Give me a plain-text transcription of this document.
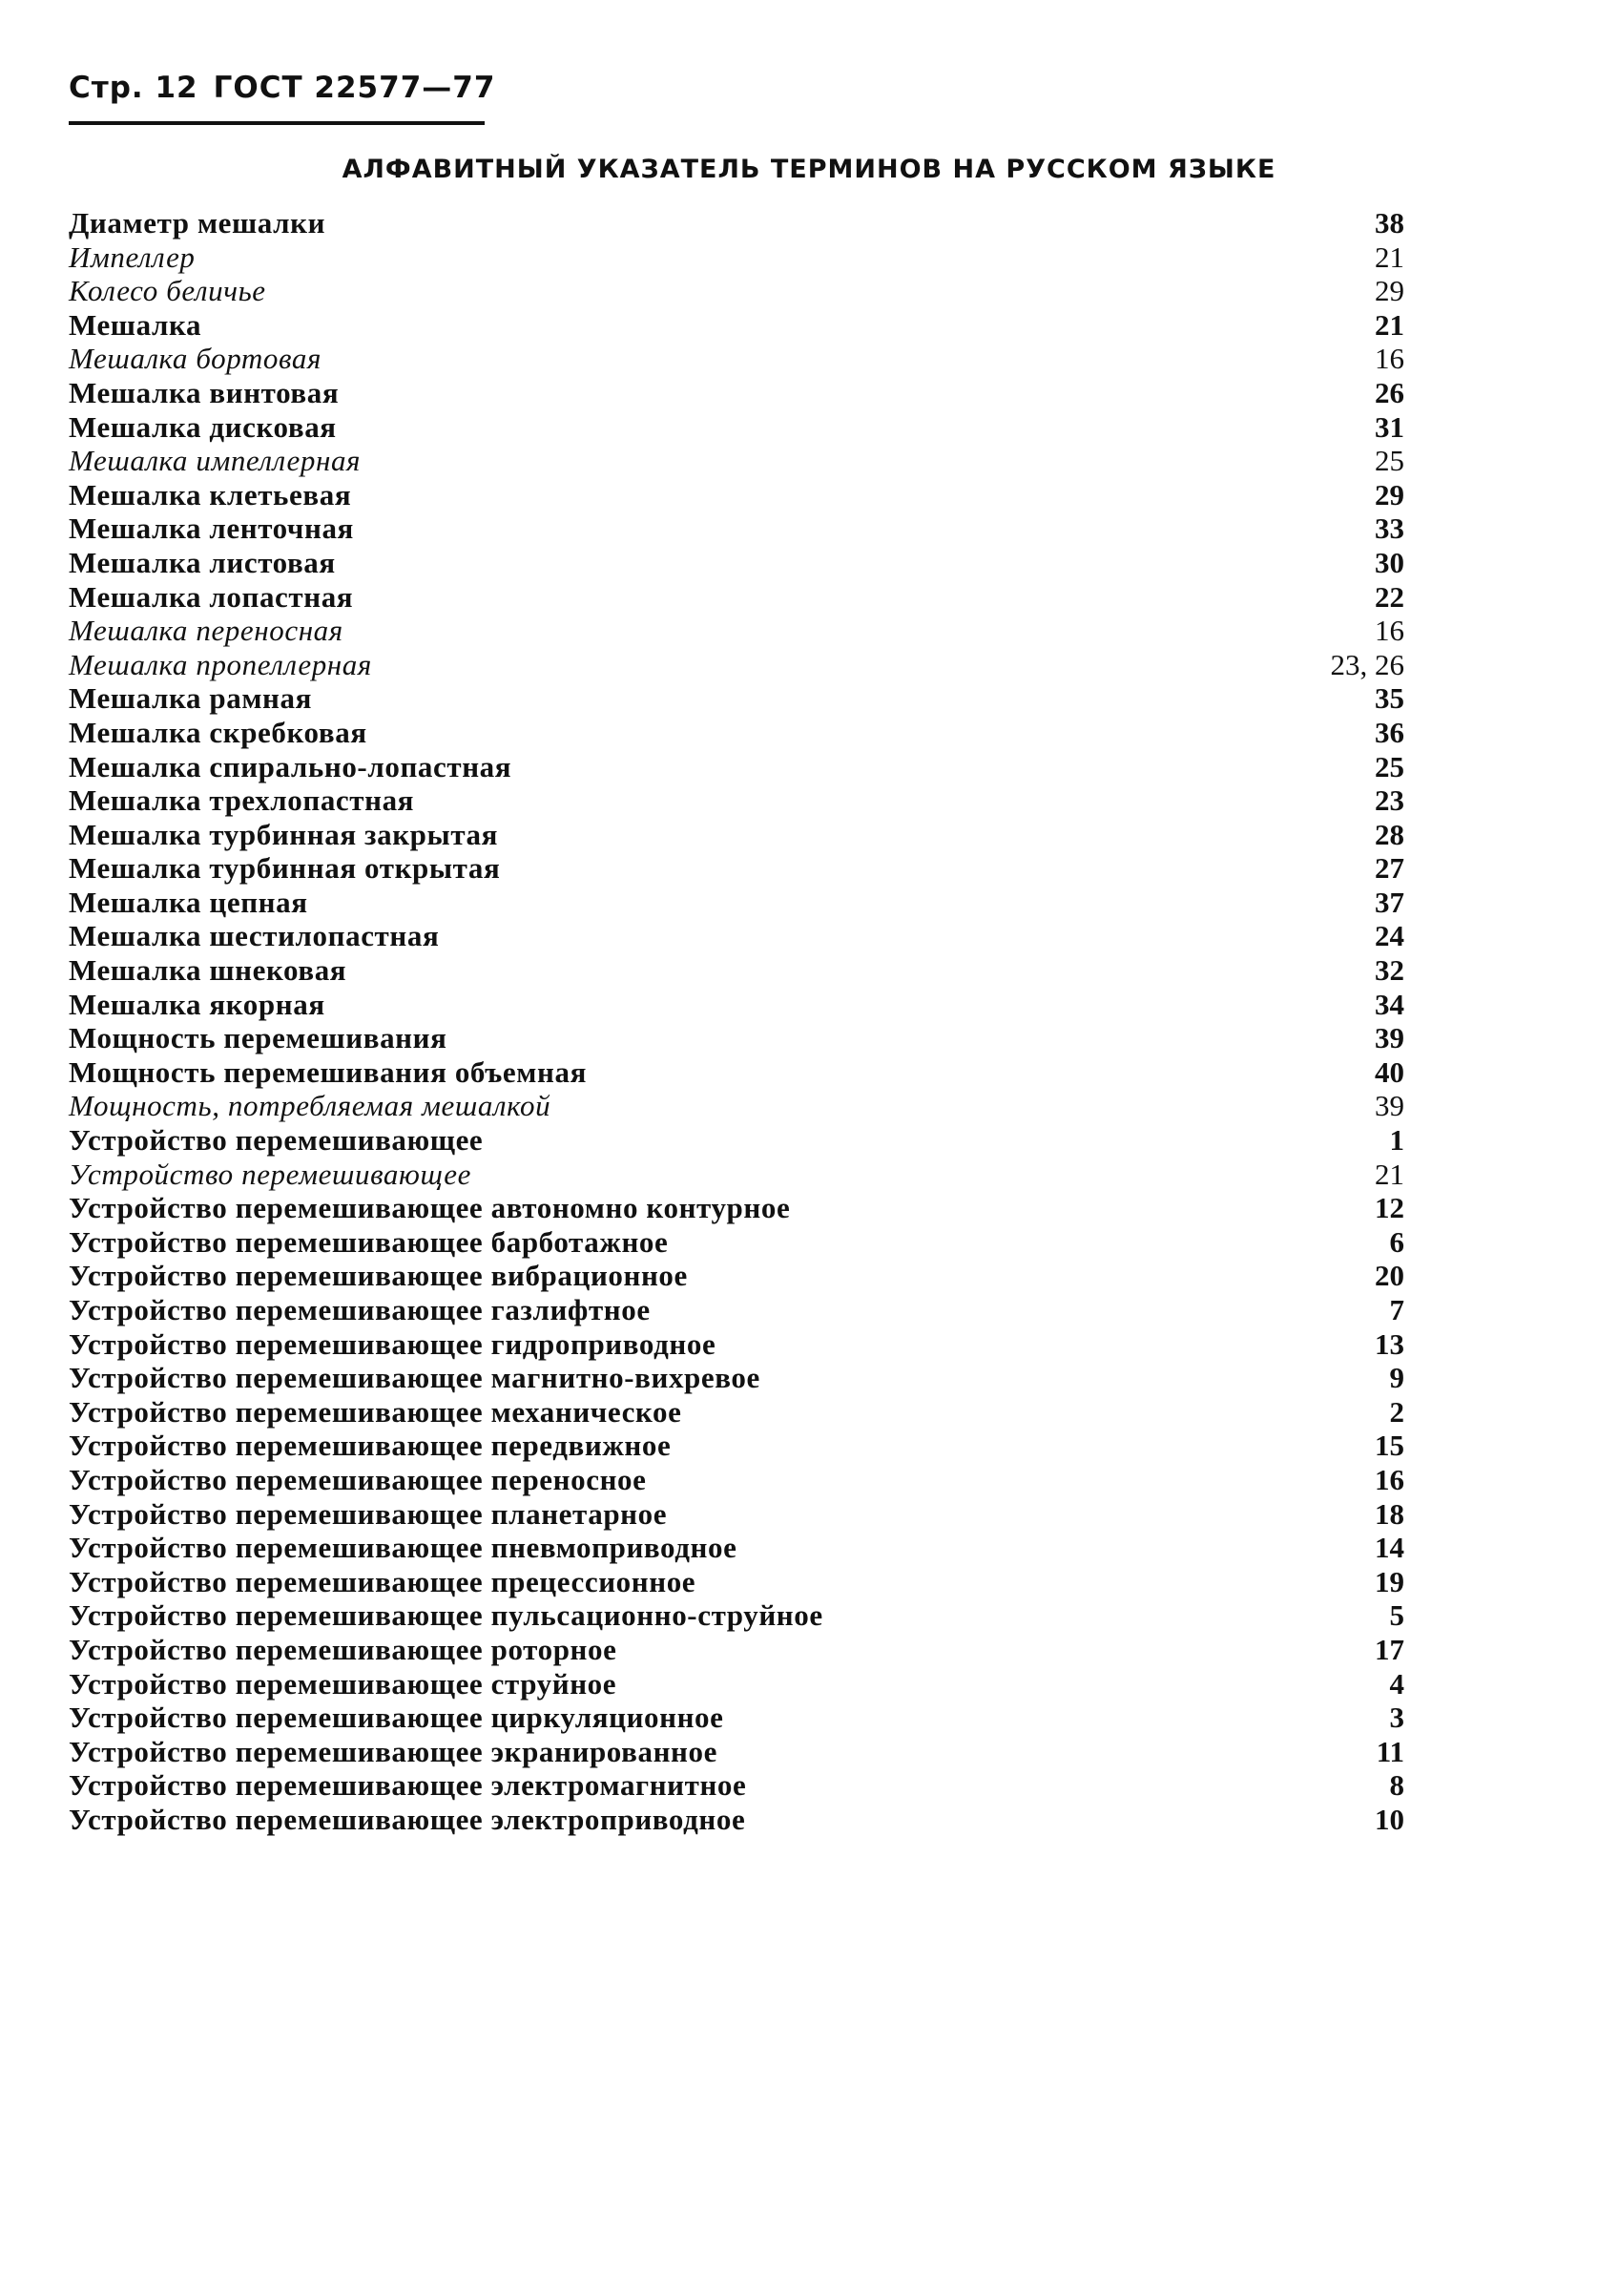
Стр. 12 ГОСТ 22577—77
АЛФАВИТНЫЙ УКАЗАТЕЛЬ ТЕРМИНОВ НА РУССКОМ ЯЗЫКЕ
Диаметр мешалки	38
Импеллер	21
Колесо беличье	29
Мешалка	21
Мешалка бортовая	16
Мешалка винтовая	26
Мешалка дисковая	31
Мешалка импеллерная	25
Мешалка клетьевая	29
Мешалка ленточная	33
Мешалка листовая	30
Мешалка лопастная	22
Мешалка переносная	16
Мешалка пропеллерная	23, 26
Мешалка рамная	35
Мешалка скребковая	36
Мешалка спирально-лопастная	25
Мешалка трехлопастная	23
Мешалка турбинная закрытая	28
Мешалка турбинная открытая	27
Мешалка цепная	37
Мешалка шестилопастная	24
Мешалка шнековая	32
Мешалка якорная	34
Мощность перемешивания	39
Мощность перемешивания объемная	40
Мощность, потребляемая мешалкой	39
Устройство перемешивающее	1
Устройство перемешивающее	21
Устройство перемешивающее автономно контурное	12
Устройство перемешивающее барботажное	6
Устройство перемешивающее вибрационное	20
Устройство перемешивающее газлифтное	7
Устройство перемешивающее гидроприводное	13
Устройство перемешивающее магнитно-вихревое	9
Устройство перемешивающее механическое	2
Устройство перемешивающее передвижное	15
Устройство перемешивающее переносное	16
Устройство перемешивающее планетарное	18
Устройство перемешивающее пневмоприводное	14
Устройство перемешивающее прецессионное	19
Устройство перемешивающее пульсационно-струйное	5
Устройство перемешивающее роторное	17
Устройство перемешивающее струйное	4
Устройство перемешивающее циркуляционное	3
Устройство перемешивающее экранированное	11
Устройство перемешивающее электромагнитное	8
Устройство перемешивающее электроприводное	10
